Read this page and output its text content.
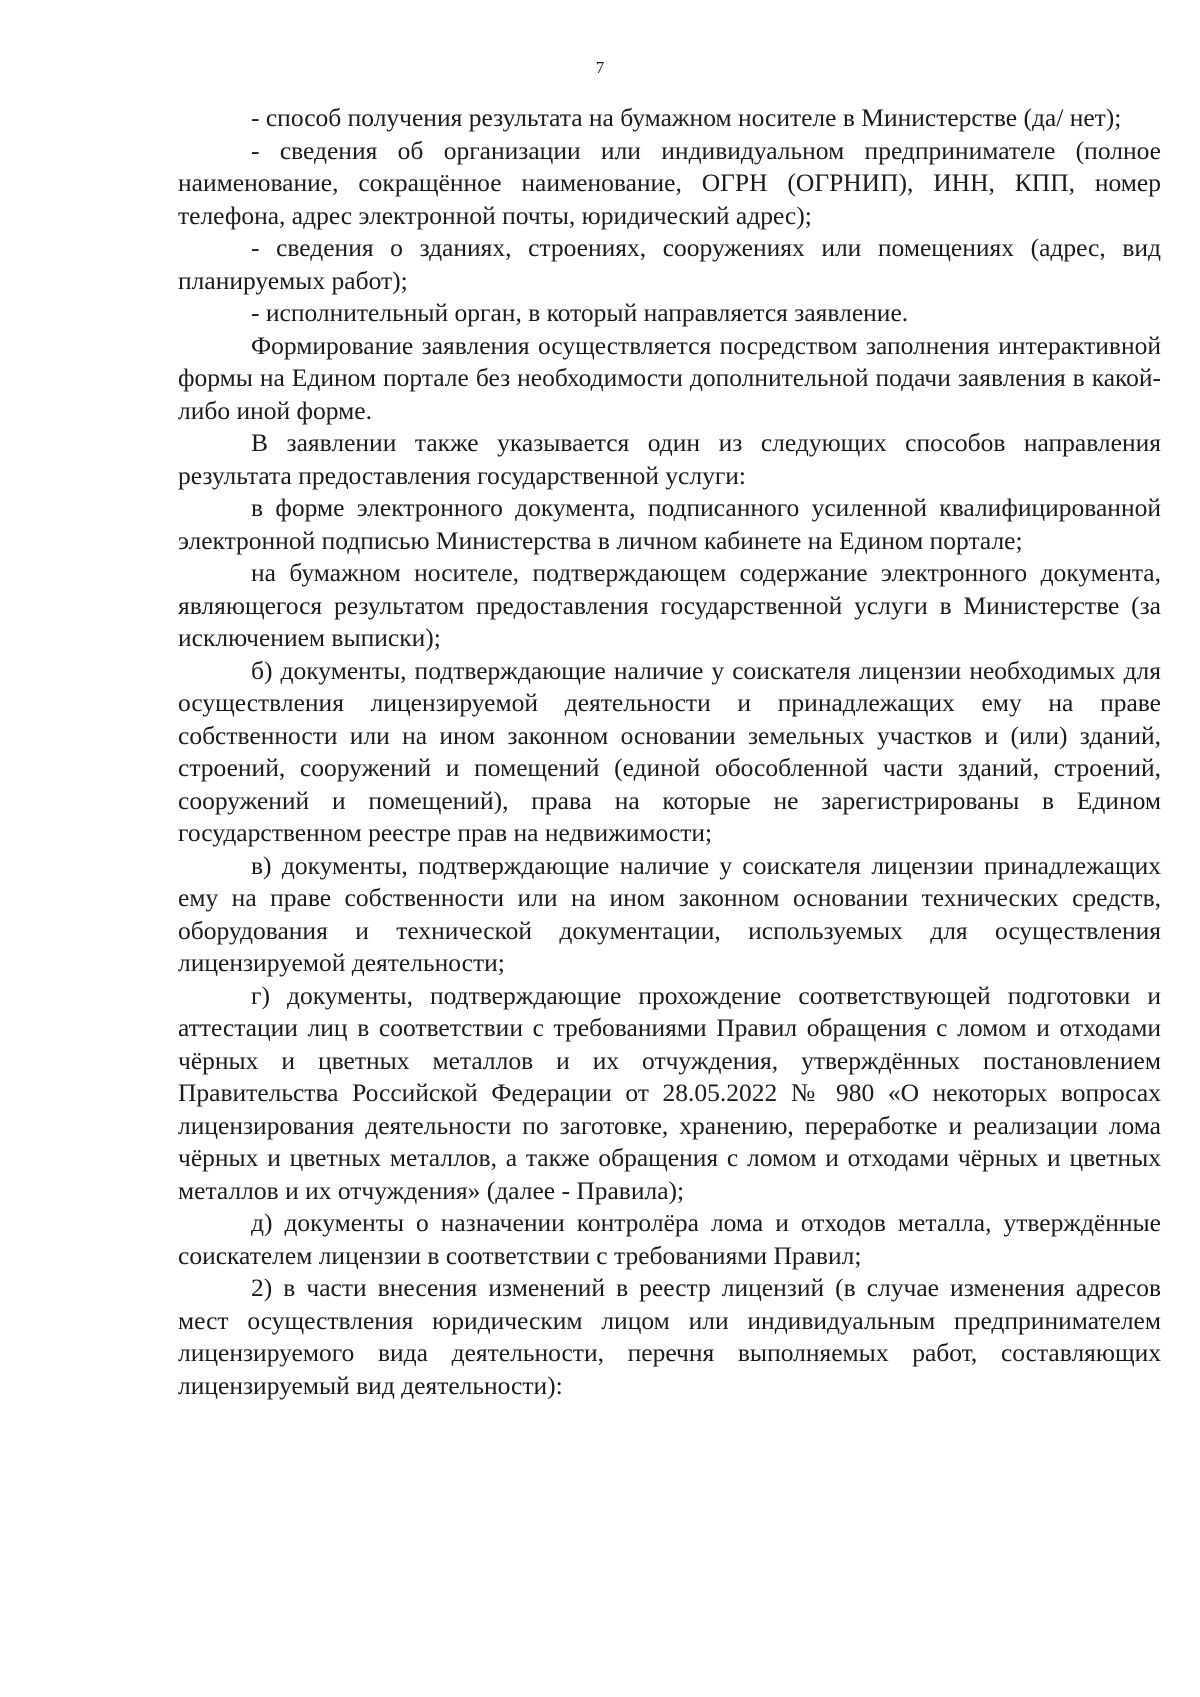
7

- способ получения результата на бумажном носителе в Министерстве (да/ нет);

- сведения об организации или индивидуальном предпринимателе (полное наименование, сокращённое наименование, ОГРН (ОГРНИП), ИНН, КПП, номер телефона, адрес электронной почты, юридический адрес);

- сведения о зданиях, строениях, сооружениях или помещениях (адрес, вид планируемых работ);

- исполнительный орган, в который направляется заявление.

Формирование заявления осуществляется посредством заполнения интерактивной формы на Едином портале без необходимости дополнительной подачи заявления в какой-либо иной форме.

В заявлении также указывается один из следующих способов направления результата предоставления государственной услуги:

в форме электронного документа, подписанного усиленной квалифицированной электронной подписью Министерства в личном кабинете на Едином портале;

на бумажном носителе, подтверждающем содержание электронного документа, являющегося результатом предоставления государственной услуги в Министерстве (за исключением выписки);

б) документы, подтверждающие наличие у соискателя лицензии необходимых для осуществления лицензируемой деятельности и принадлежащих ему на праве собственности или на ином законном основании земельных участков и (или) зданий, строений, сооружений и помещений (единой обособленной части зданий, строений, сооружений и помещений), права на которые не зарегистрированы в Едином государственном реестре прав на недвижимости;

в) документы, подтверждающие наличие у соискателя лицензии принадлежащих ему на праве собственности или на ином законном основании технических средств, оборудования и технической документации, используемых для осуществления лицензируемой деятельности;

г) документы, подтверждающие прохождение соответствующей подготовки и аттестации лиц в соответствии с требованиями Правил обращения с ломом и отходами чёрных и цветных металлов и их отчуждения, утверждённых постановлением Правительства Российской Федерации от 28.05.2022 № 980 «О некоторых вопросах лицензирования деятельности по заготовке, хранению, переработке и реализации лома чёрных и цветных металлов, а также обращения с ломом и отходами чёрных и цветных металлов и их отчуждения» (далее - Правила);

д) документы о назначении контролёра лома и отходов металла, утверждённые соискателем лицензии в соответствии с требованиями Правил;

2) в части внесения изменений в реестр лицензий (в случае изменения адресов мест осуществления юридическим лицом или индивидуальным предпринимателем лицензируемого вида деятельности, перечня выполняемых работ, составляющих лицензируемый вид деятельности):
